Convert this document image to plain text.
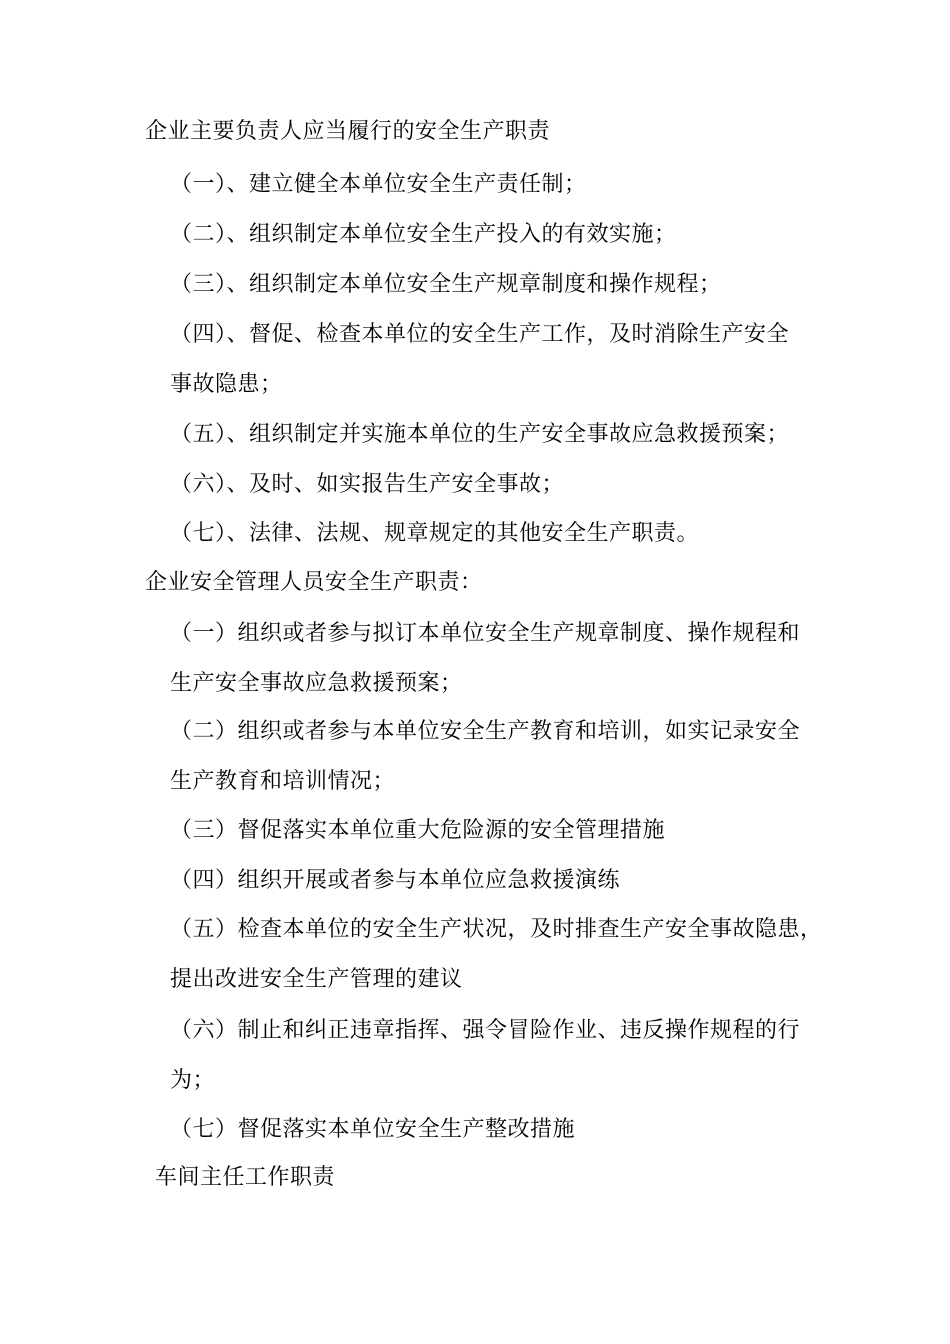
企业主要负责人应当履行的安全生产职责
（一）、建立健全本单位安全生产责任制；
（二）、组织制定本单位安全生产投入的有效实施；
（三）、组织制定本单位安全生产规章制度和操作规程；
（四）、督促、检查本单位的安全生产工作，及时消除生产安全
事故隐患；
（五）、组织制定并实施本单位的生产安全事故应急救援预案；
（六）、及时、如实报告生产安全事故；
（七）、法律、法规、规章规定的其他安全生产职责。
企业安全管理人员安全生产职责：
（一）组织或者参与拟订本单位安全生产规章制度、操作规程和
生产安全事故应急救援预案；
（二）组织或者参与本单位安全生产教育和培训，如实记录安全
生产教育和培训情况；
（三）督促落实本单位重大危险源的安全管理措施
（四）组织开展或者参与本单位应急救援演练
（五）检查本单位的安全生产状况，及时排查生产安全事故隐患，
提出改进安全生产管理的建议
（六）制止和纠正违章指挥、强令冒险作业、违反操作规程的行
为；
（七）督促落实本单位安全生产整改措施
车间主任工作职责
